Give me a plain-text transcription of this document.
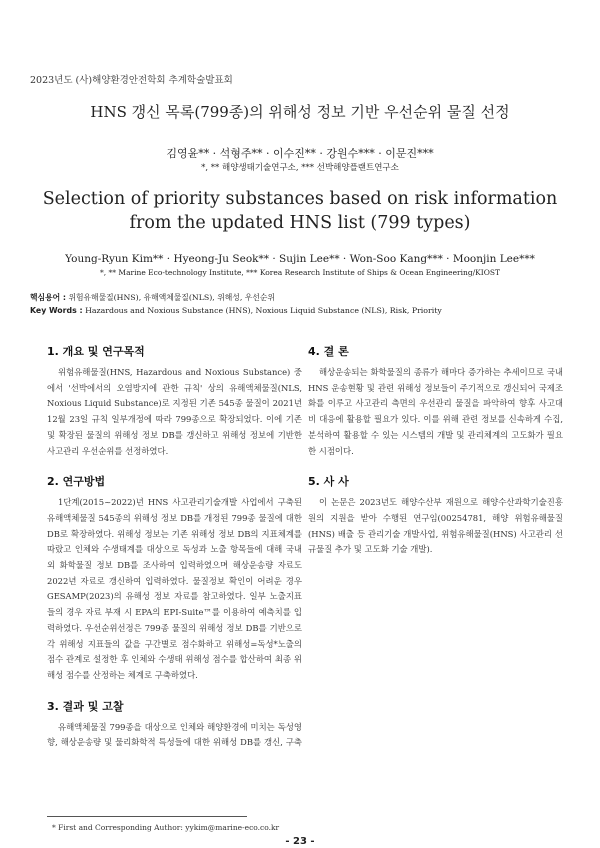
2023년도 (사)해양환경안전학회 추계학술발표회
HNS 갱신 목록(799종)의 위해성 정보 기반 우선순위 물질 선정
김영윤** · 석형주** · 이수진** · 강원수*** · 이문진***
*, ** 해양생태기술연구소, *** 선박해양플랜트연구소
Selection of priority substances based on risk information from the updated HNS list (799 types)
Young-Ryun Kim** · Hyeong-Ju Seok** · Sujin Lee** · Won-Soo Kang*** · Moonjin Lee***
*, ** Marine Eco-technology Institute, *** Korea Research Institute of Ships & Ocean Engineering/KIOST
핵심용어 : 위험유해물질(HNS), 유해액체물질(NLS), 위해성, 우선순위
Key Words : Hazardous and Noxious Substance (HNS), Noxious Liquid Substance (NLS), Risk, Priority
1. 개요 및 연구목적

위험유해물질(HNS, Hazardous and Noxious Substance) 중에서 '선박에서의 오염방지에 관한 규칙' 상의 유해액체물질(NLS, Noxious Liquid Substance)로 지정된 기존 545종 물질이 2021년 12월 23일 규칙 일부개정에 따라 799종으로 확장되었다. 이에 기존 및 확장된 물질의 위해성 정보 DB를 갱신하고 위해성 정보에 기반한 사고관리 우선순위를 선정하였다.

2. 연구방법

1단계(2015~2022)년 HNS 사고관리기술개발 사업에서 구축된 유해액체물질 545종의 위해성 정보 DB를 개정된 799종 물질에 대한 DB로 확장하였다. 위해성 정보는 기존 위해성 정보 DB의 지표체계를 따랐고 인체와 수생태계를 대상으로 독성과 노출 항목들에 대해 국내외 화학물질 정보 DB를 조사하여 입력하였으며 해상운송량 자료도 2022년 자료로 갱신하여 입력하였다. 물질정보 확인이 어려운 경우 GESAMP(2023)의 유해성 정보 자료를 참고하였다. 일부 노출지표들의 경우 자료 부재 시 EPA의 EPI-Suite™를 이용하여 예측치를 입력하였다. 우선순위선정은 799종 물질의 위해성 정보 DB를 기반으로 각 위해성 지표들의 값을 구간별로 점수화하고 위해성=독성*노출의 점수 관계로 설정한 후 인체와 수생태 위해성 점수를 합산하여 최종 위해성 점수를 산정하는 체계로 구축하였다.

3. 결과 및 고찰

유해액체물질 799종을 대상으로 인체와 해양환경에 미치는 독성영향, 해상운송량 및 물리화학적 특성들에 대한 위해성 DB를 갱신, 구축

4. 결 론

해상운송되는 화학물질의 종류가 해마다 증가하는 추세이므로 국내 HNS 운송현황 및 관련 위해성 정보들이 주기적으로 갱신되어 국제조화를 이루고 사고관리 측면의 우선관리 물질을 파악하여 향후 사고대비 대응에 활용할 필요가 있다. 이를 위해 관련 정보를 신속하게 수집, 분석하여 활용할 수 있는 시스템의 개발 및 관리체계의 고도화가 필요한 시점이다.

5. 사 사

이 논문은 2023년도 해양수산부 재원으로 해양수산과학기술진흥원의 지원을 받아 수행된 연구임(00254781, 해양 위험유해물질(HNS) 배출 등 관리기술 개발사업, 위험유해물질(HNS) 사고관리 선규물질 추가 및 고도화 기술 개발).

* First and Corresponding Author: yykim@marine-eco.co.kr
- 23 -
